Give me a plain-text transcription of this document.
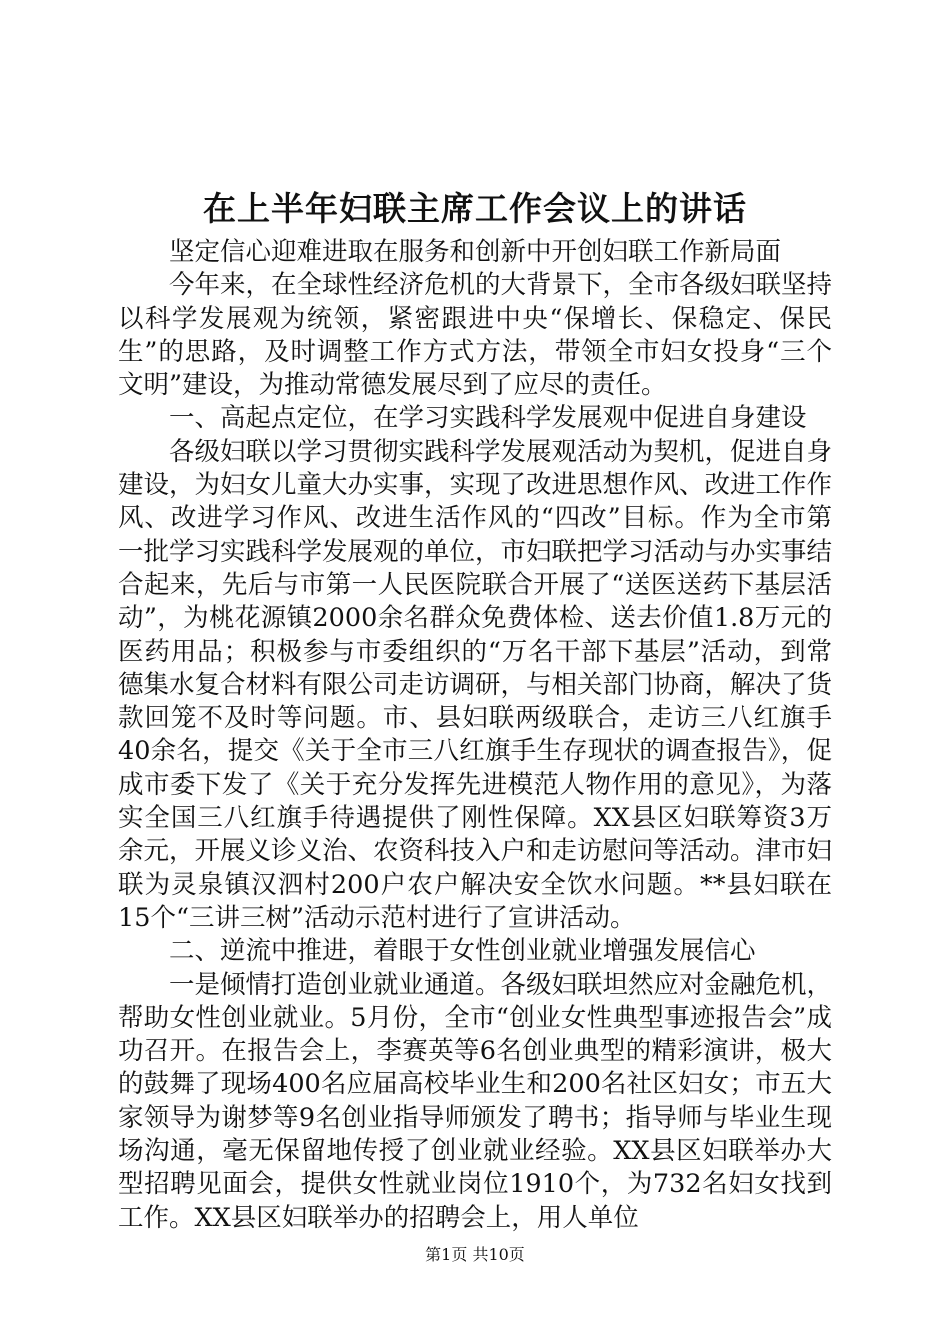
在上半年妇联主席工作会议上的讲话

坚定信心迎难进取在服务和创新中开创妇联工作新局面

今年来，在全球性经济危机的大背景下，全市各级妇联坚持以科学发展观为统领，紧密跟进中央“保增长、保稳定、保民生”的思路，及时调整工作方式方法，带领全市妇女投身“三个文明”建设，为推动常德发展尽到了应尽的责任。

一、高起点定位，在学习实践科学发展观中促进自身建设

各级妇联以学习贯彻实践科学发展观活动为契机，促进自身建设，为妇女儿童大办实事，实现了改进思想作风、改进工作作风、改进学习作风、改进生活作风的“四改”目标。作为全市第一批学习实践科学发展观的单位，市妇联把学习活动与办实事结合起来，先后与市第一人民医院联合开展了“送医送药下基层活动”，为桃花源镇2000余名群众免费体检、送去价值1.8万元的医药用品；积极参与市委组织的“万名干部下基层”活动，到常德集水复合材料有限公司走访调研，与相关部门协商，解决了货款回笼不及时等问题。市、县妇联两级联合，走访三八红旗手40余名，提交《关于全市三八红旗手生存现状的调查报告》，促成市委下发了《关于充分发挥先进模范人物作用的意见》，为落实全国三八红旗手待遇提供了刚性保障。XX县区妇联筹资3万余元，开展义诊义治、农资科技入户和走访慰问等活动。津市妇联为灵泉镇汉泗村200户农户解决安全饮水问题。**县妇联在15个“三讲三树”活动示范村进行了宣讲活动。

二、逆流中推进，着眼于女性创业就业增强发展信心

一是倾情打造创业就业通道。各级妇联坦然应对金融危机，帮助女性创业就业。5月份，全市“创业女性典型事迹报告会”成功召开。在报告会上，李赛英等6名创业典型的精彩演讲，极大的鼓舞了现场400名应届高校毕业生和200名社区妇女；市五大家领导为谢梦等9名创业指导师颁发了聘书；指导师与毕业生现场沟通，毫无保留地传授了创业就业经验。XX县区妇联举办大型招聘见面会，提供女性就业岗位1910个，为732名妇女找到工作。XX县区妇联举办的招聘会上，用人单位

第1页 共10页
